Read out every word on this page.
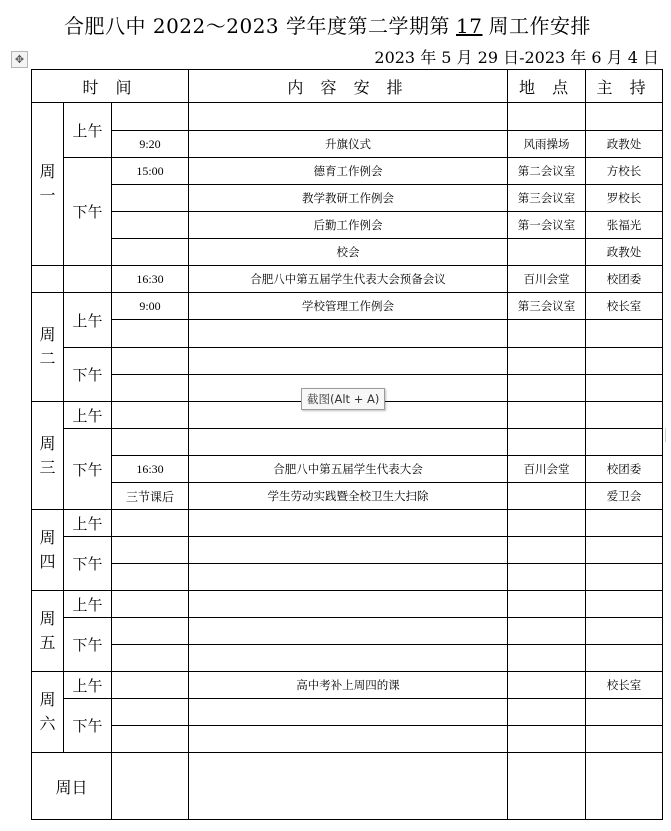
✥
合肥八中 2022～2023 学年度第二学期第 17 周工作安排
2023 年 5 月 29 日-2023 年 6 月 4 日
时 间			内 容 安 排	地 点	主 持
周一	上午				
		9:20	升旗仪式	风雨操场	政教处
	下午	15:00	德育工作例会	第二会议室	方校长
			教学教研工作例会	第三会议室	罗校长
			后勤工作例会	第一会议室	张福光
			校会		政教处
		16:30	合肥八中第五届学生代表大会预备会议	百川会堂	校团委
周二	上午	9:00	学校管理工作例会	第三会议室	校长室

	下午				

周三	上午				
	下午				
		16:30	合肥八中第五届学生代表大会	百川会堂	校团委
		三节课后	学生劳动实践暨全校卫生大扫除		爱卫会
周四	上午				
	下午				

周五	上午				
	下午				

周六	上午		高中考补上周四的课		校长室
	下午				

周日					
截图(Alt + A)
